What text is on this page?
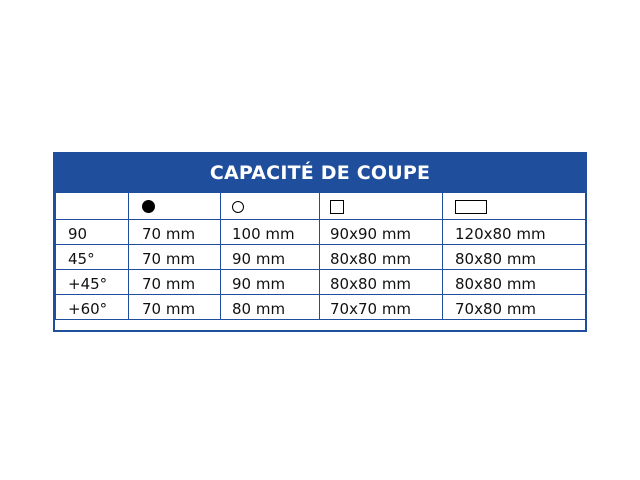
CAPACITÉ DE COUPE

90	70 mm	100 mm	90x90 mm	120x80 mm
45°	70 mm	90 mm	80x80 mm	80x80 mm
+45°	70 mm	90 mm	80x80 mm	80x80 mm
+60°	70 mm	80 mm	70x70 mm	70x80 mm
